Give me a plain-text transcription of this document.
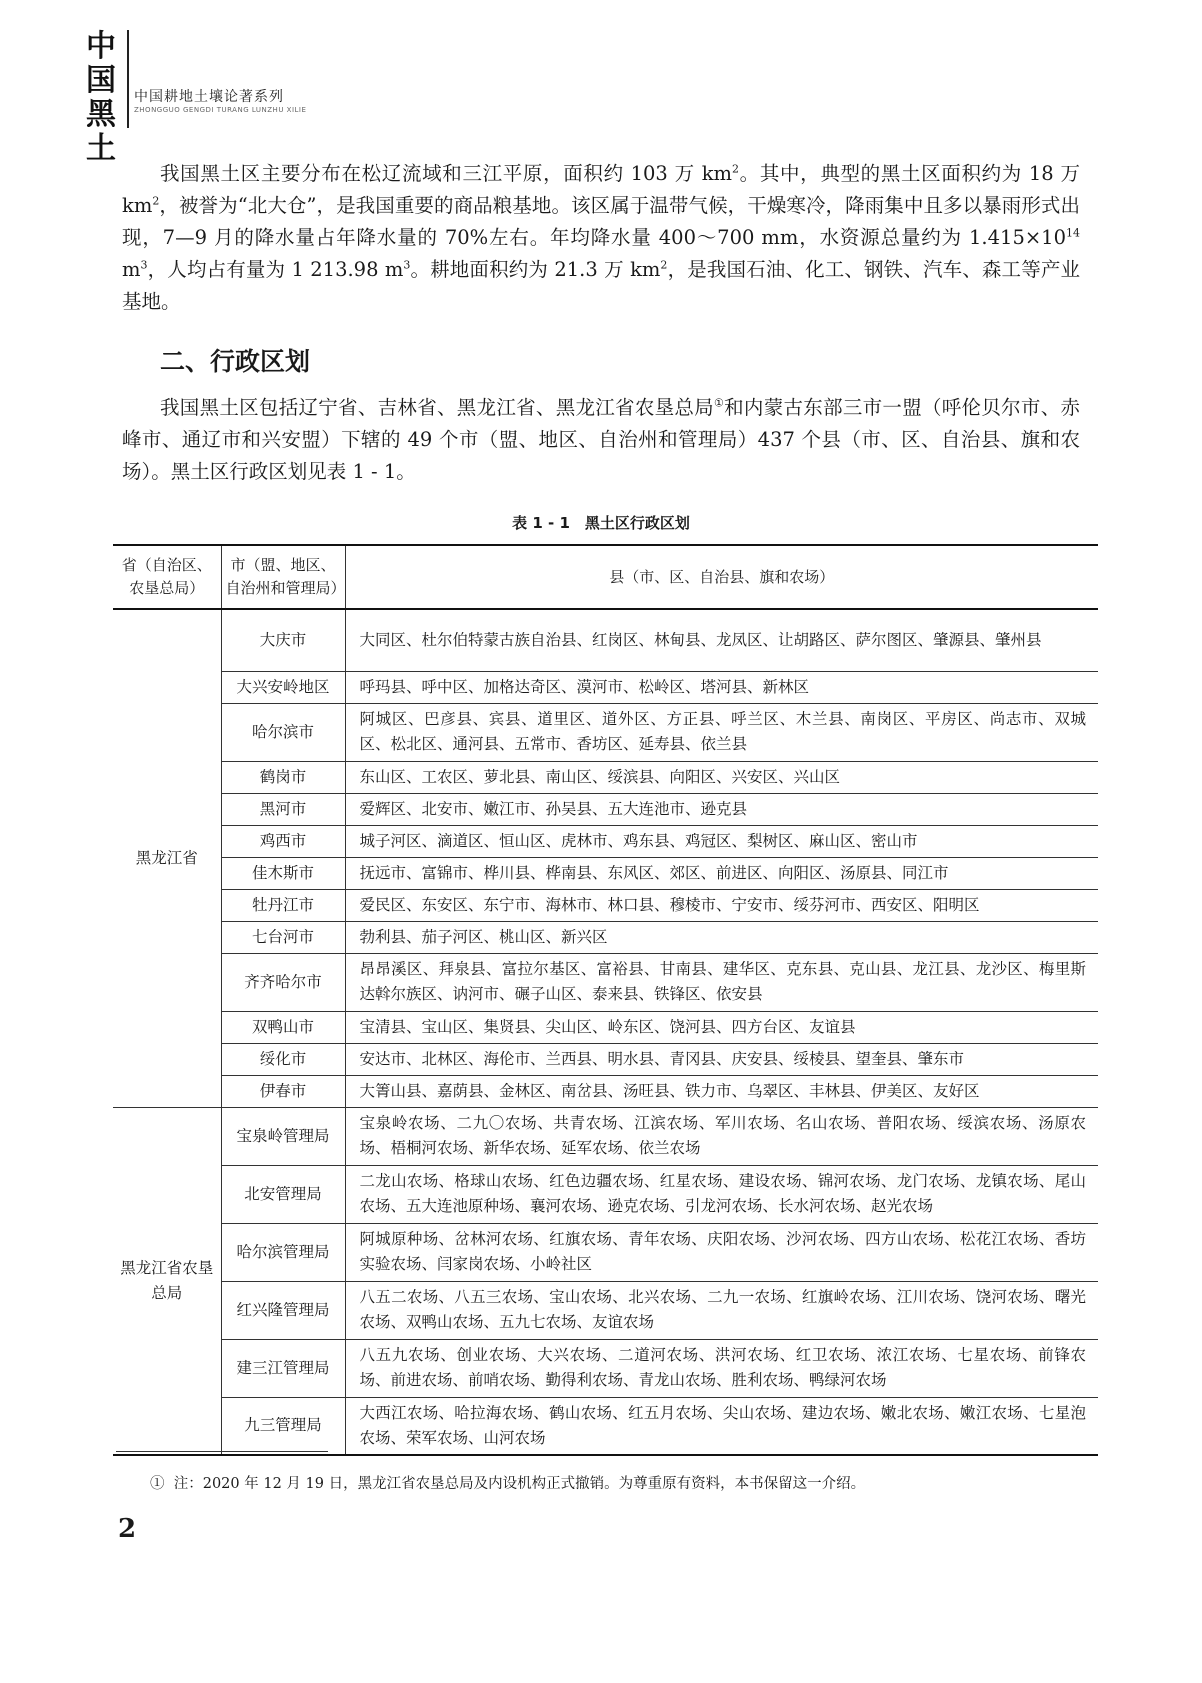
中
国
黑
土
中国耕地土壤论著系列
ZHONGGUO GENGDI TURANG LUNZHU XILIE
我国黑土区主要分布在松辽流域和三江平原，面积约 103 万 $km^2$。其中，典型的黑土区面积约为 18 万$km^2$，被誉为“北大仓”，是我国重要的商品粮基地。该区属于温带气候，干燥寒冷，降雨集中且多以暴雨形式出现，7—9 月的降水量占年降水量的 70%左右。年均降水量 400～700 mm，水资源总量约为 $1.415\times 10^{14}$ $m^3$，人均占有量为 1 213.98 $m^3$。耕地面积约为 21.3 万 $km^2$，是我国石油、化工、钢铁、汽车、森工等产业基地。
二、行政区划
我国黑土区包括辽宁省、吉林省、黑龙江省、黑龙江省农垦总局①和内蒙古东部三市一盟（呼伦贝尔市、赤峰市、通辽市和兴安盟）下辖的 49 个市（盟、地区、自治州和管理局）437 个县（市、区、自治县、旗和农场）。黑土区行政区划见表 1 - 1。
表 1 - 1　黑土区行政区划
省（自治区、农垦总局）	市（盟、地区、自治州和管理局）	县（市、区、自治县、旗和农场）
黑龙江省	大庆市	大同区、杜尔伯特蒙古族自治县、红岗区、林甸县、龙凤区、让胡路区、萨尔图区、肇源县、肇州县
	大兴安岭地区	呼玛县、呼中区、加格达奇区、漠河市、松岭区、塔河县、新林区
	哈尔滨市	阿城区、巴彦县、宾县、道里区、道外区、方正县、呼兰区、木兰县、南岗区、平房区、尚志市、双城区、松北区、通河县、五常市、香坊区、延寿县、依兰县
	鹤岗市	东山区、工农区、萝北县、南山区、绥滨县、向阳区、兴安区、兴山区
	黑河市	爱辉区、北安市、嫩江市、孙吴县、五大连池市、逊克县
	鸡西市	城子河区、滴道区、恒山区、虎林市、鸡东县、鸡冠区、梨树区、麻山区、密山市
	佳木斯市	抚远市、富锦市、桦川县、桦南县、东风区、郊区、前进区、向阳区、汤原县、同江市
	牡丹江市	爱民区、东安区、东宁市、海林市、林口县、穆棱市、宁安市、绥芬河市、西安区、阳明区
	七台河市	勃利县、茄子河区、桃山区、新兴区
	齐齐哈尔市	昂昂溪区、拜泉县、富拉尔基区、富裕县、甘南县、建华区、克东县、克山县、龙江县、龙沙区、梅里斯达斡尔族区、讷河市、碾子山区、泰来县、铁锋区、依安县
	双鸭山市	宝清县、宝山区、集贤县、尖山区、岭东区、饶河县、四方台区、友谊县
	绥化市	安达市、北林区、海伦市、兰西县、明水县、青冈县、庆安县、绥棱县、望奎县、肇东市
	伊春市	大箐山县、嘉荫县、金林区、南岔县、汤旺县、铁力市、乌翠区、丰林县、伊美区、友好区
黑龙江省农垦总局	宝泉岭管理局	宝泉岭农场、二九〇农场、共青农场、江滨农场、军川农场、名山农场、普阳农场、绥滨农场、汤原农场、梧桐河农场、新华农场、延军农场、依兰农场
	北安管理局	二龙山农场、格球山农场、红色边疆农场、红星农场、建设农场、锦河农场、龙门农场、龙镇农场、尾山农场、五大连池原种场、襄河农场、逊克农场、引龙河农场、长水河农场、赵光农场
	哈尔滨管理局	阿城原种场、岔林河农场、红旗农场、青年农场、庆阳农场、沙河农场、四方山农场、松花江农场、香坊实验农场、闫家岗农场、小岭社区
	红兴隆管理局	八五二农场、八五三农场、宝山农场、北兴农场、二九一农场、红旗岭农场、江川农场、饶河农场、曙光农场、双鸭山农场、五九七农场、友谊农场
	建三江管理局	八五九农场、创业农场、大兴农场、二道河农场、洪河农场、红卫农场、浓江农场、七星农场、前锋农场、前进农场、前哨农场、勤得利农场、青龙山农场、胜利农场、鸭绿河农场
	九三管理局	大西江农场、哈拉海农场、鹤山农场、红五月农场、尖山农场、建边农场、嫩北农场、嫩江农场、七星泡农场、荣军农场、山河农场
① 注：2020 年 12 月 19 日，黑龙江省农垦总局及内设机构正式撤销。为尊重原有资料，本书保留这一介绍。
2
